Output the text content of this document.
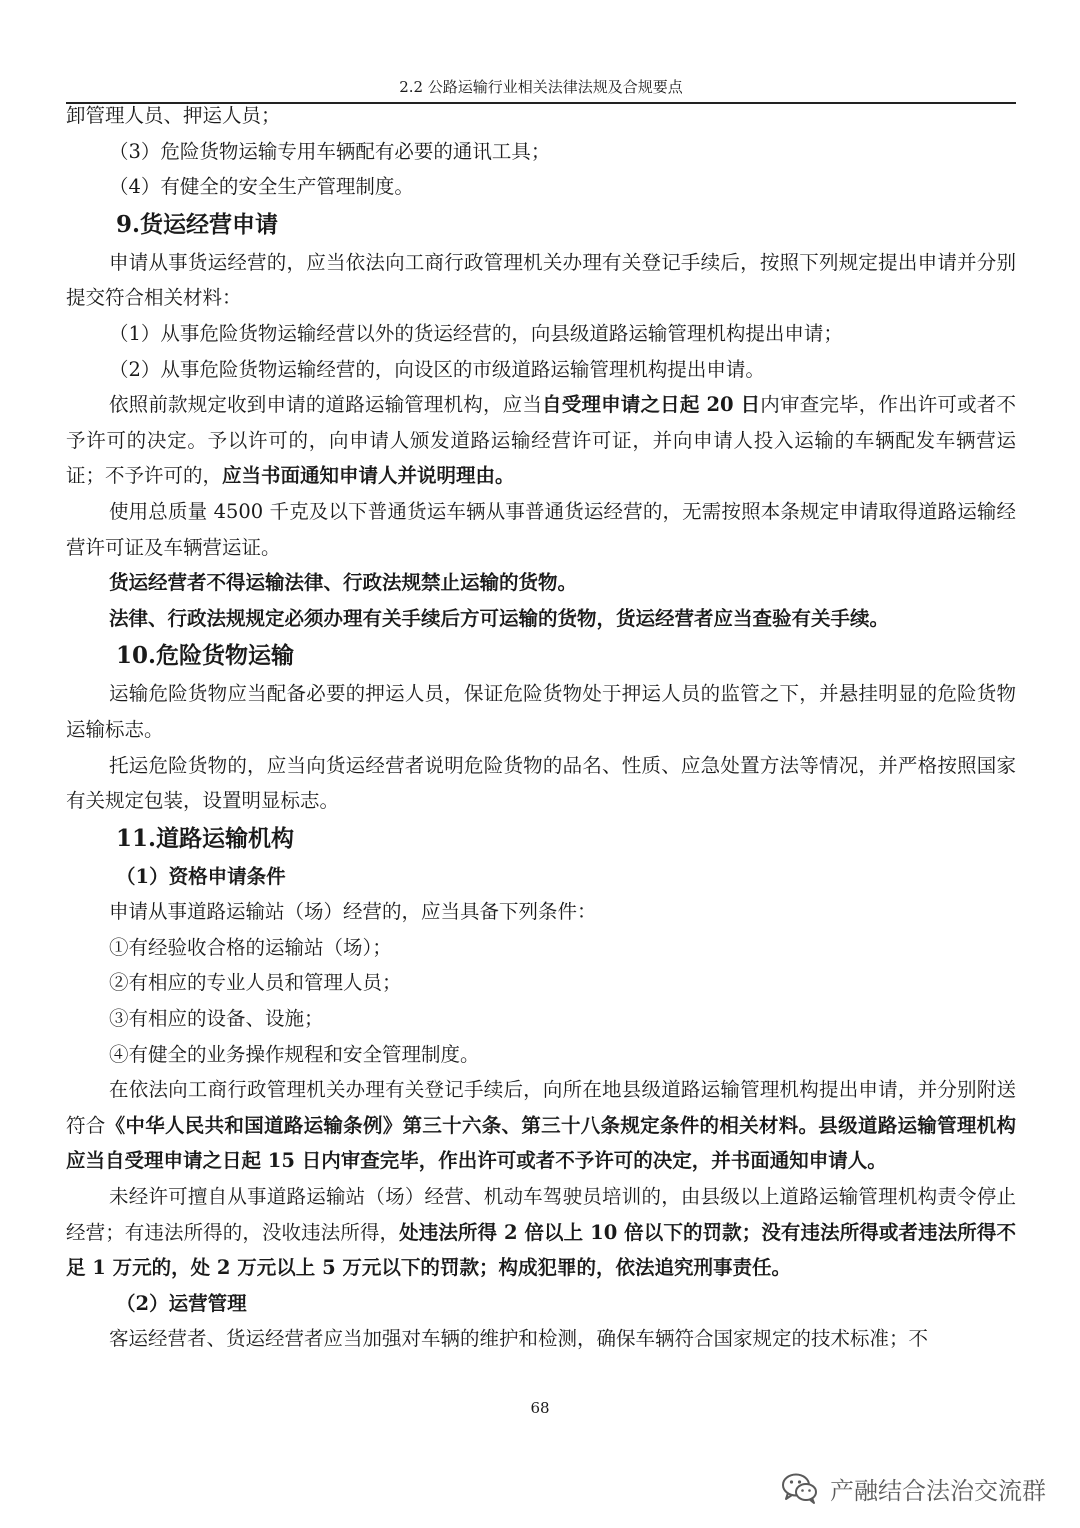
2.2 公路运输行业相关法律法规及合规要点

卸管理人员、押运人员；

（3）危险货物运输专用车辆配有必要的通讯工具；

（4）有健全的安全生产管理制度。

9.货运经营申请

申请从事货运经营的，应当依法向工商行政管理机关办理有关登记手续后，按照下列规定提出申请并分别提交符合相关材料：

（1）从事危险货物运输经营以外的货运经营的，向县级道路运输管理机构提出申请；

（2）从事危险货物运输经营的，向设区的市级道路运输管理机构提出申请。

依照前款规定收到申请的道路运输管理机构，应当自受理申请之日起 20 日内审查完毕，作出许可或者不予许可的决定。予以许可的，向申请人颁发道路运输经营许可证，并向申请人投入运输的车辆配发车辆营运证；不予许可的，应当书面通知申请人并说明理由。

使用总质量 4500 千克及以下普通货运车辆从事普通货运经营的，无需按照本条规定申请取得道路运输经营许可证及车辆营运证。

货运经营者不得运输法律、行政法规禁止运输的货物。

法律、行政法规规定必须办理有关手续后方可运输的货物，货运经营者应当查验有关手续。

10.危险货物运输

运输危险货物应当配备必要的押运人员，保证危险货物处于押运人员的监管之下，并悬挂明显的危险货物运输标志。

托运危险货物的，应当向货运经营者说明危险货物的品名、性质、应急处置方法等情况，并严格按照国家有关规定包装，设置明显标志。

11.道路运输机构

（1）资格申请条件

申请从事道路运输站（场）经营的，应当具备下列条件：

①有经验收合格的运输站（场）；

②有相应的专业人员和管理人员；

③有相应的设备、设施；

④有健全的业务操作规程和安全管理制度。

在依法向工商行政管理机关办理有关登记手续后，向所在地县级道路运输管理机构提出申请，并分别附送符合《中华人民共和国道路运输条例》第三十六条、第三十八条规定条件的相关材料。县级道路运输管理机构应当自受理申请之日起 15 日内审查完毕，作出许可或者不予许可的决定，并书面通知申请人。

未经许可擅自从事道路运输站（场）经营、机动车驾驶员培训的，由县级以上道路运输管理机构责令停止经营；有违法所得的，没收违法所得，处违法所得 2 倍以上 10 倍以下的罚款；没有违法所得或者违法所得不足 1 万元的，处 2 万元以上 5 万元以下的罚款；构成犯罪的，依法追究刑事责任。

（2）运营管理

客运经营者、货运经营者应当加强对车辆的维护和检测，确保车辆符合国家规定的技术标准；不

68
产融结合法治交流群
